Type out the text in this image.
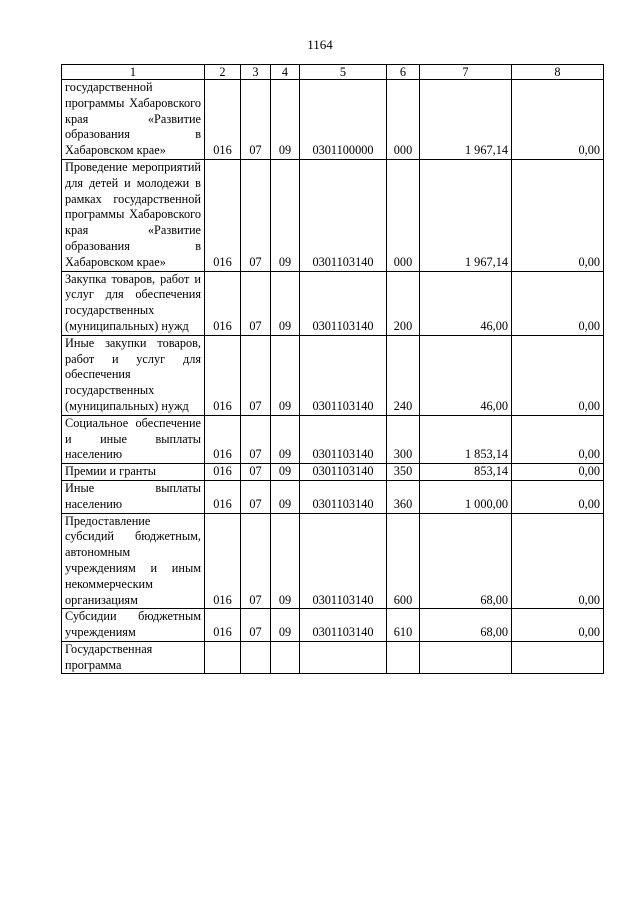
1164
1	2	3	4	5	6	7	8

государственной программы Хабаровского края «Развитие образования в Хабаровском крае»	016	07	09	0301100000	000	1 967,14	0,00

Проведение мероприятий для детей и молодежи в рамках государственной программы Хабаровского края «Развитие образования в Хабаровском крае»	016	07	09	0301103140	000	1 967,14	0,00

Закупка товаров, работ и услуг для обеспечения государственных (муниципальных) нужд	016	07	09	0301103140	200	46,00	0,00

Иные закупки товаров, работ и услуг для обеспечения государственных (муниципальных) нужд	016	07	09	0301103140	240	46,00	0,00

Социальное обеспечение и иные выплаты населению	016	07	09	0301103140	300	1 853,14	0,00

Премии и гранты	016	07	09	0301103140	350	853,14	0,00

Иные выплаты населению	016	07	09	0301103140	360	1 000,00	0,00

Предоставление субсидий бюджетным, автономным учреждениям и иным некоммерческим организациям	016	07	09	0301103140	600	68,00	0,00

Субсидии бюджетным учреждениям	016	07	09	0301103140	610	68,00	0,00

Государственная программа							
